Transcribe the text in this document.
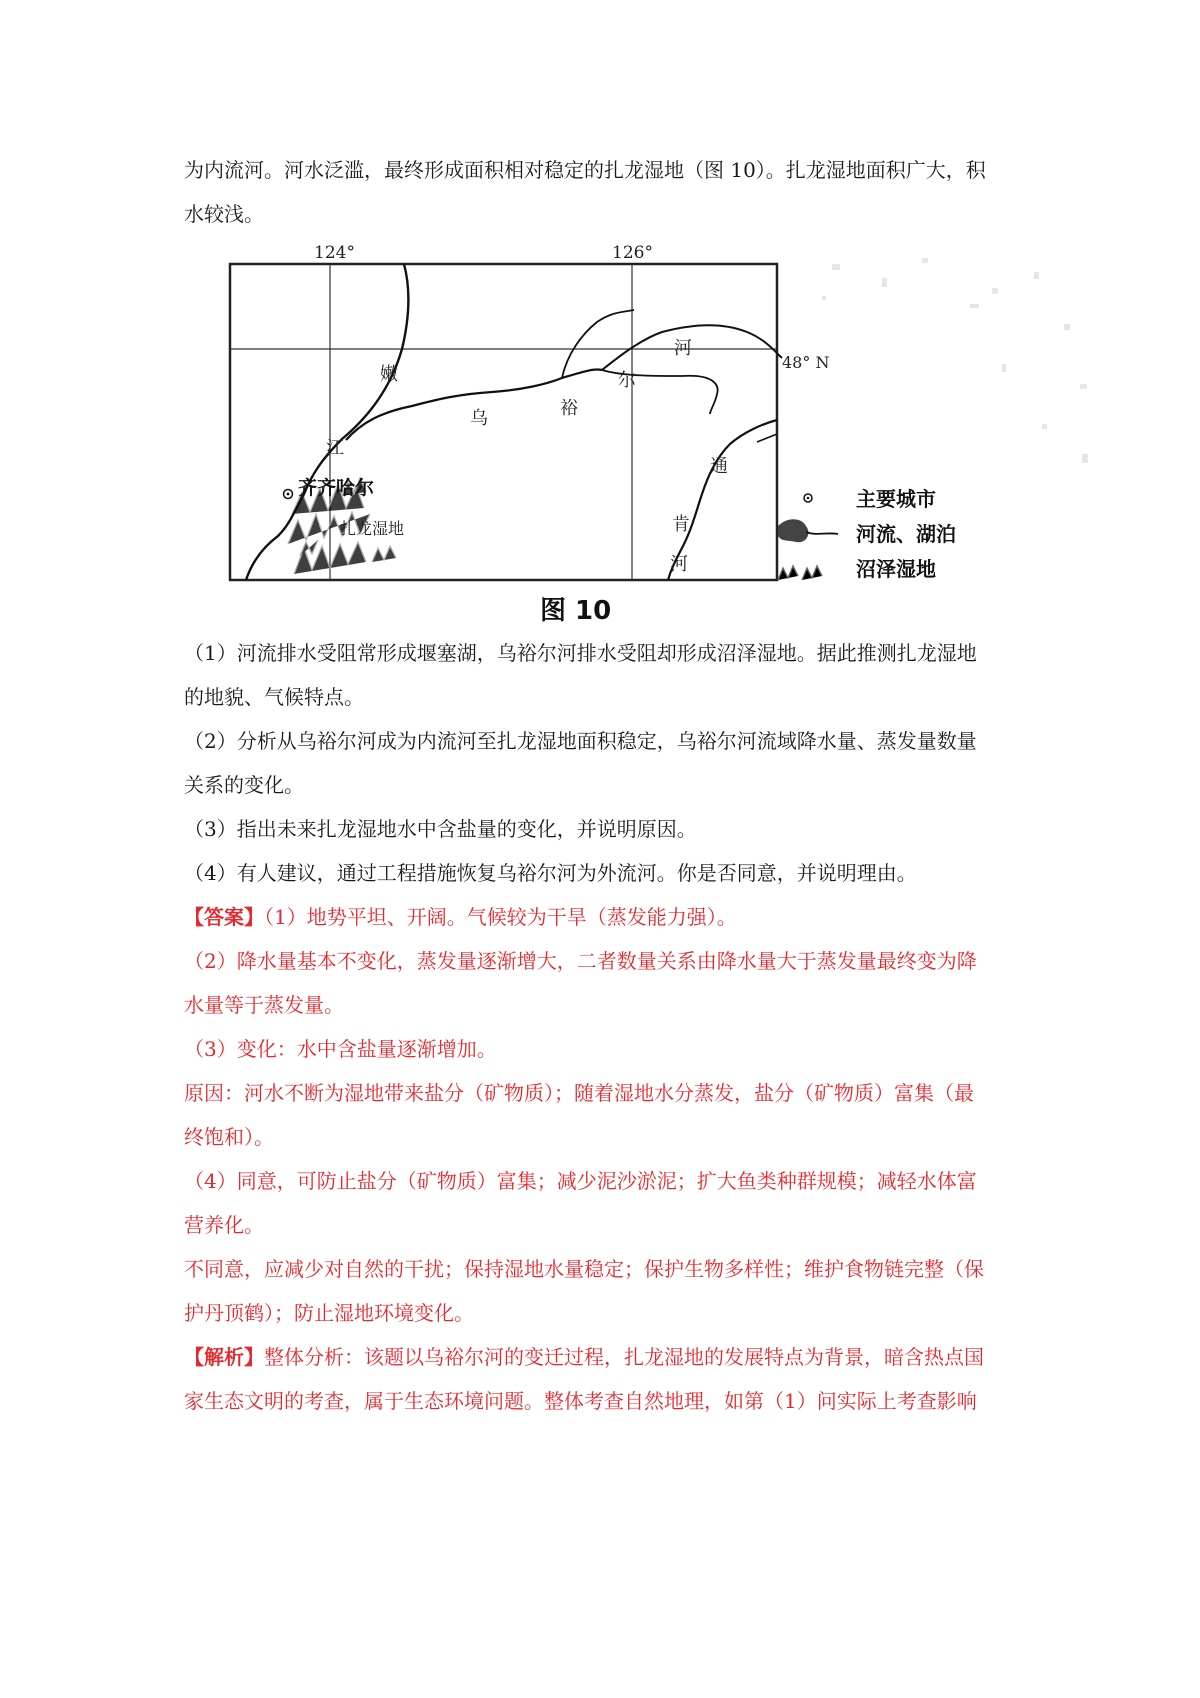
为内流河。河水泛滥，最终形成面积相对稳定的扎龙湿地（图 10）。扎龙湿地面积广大，积

水较浅。

124°	126°
48° N
嫩
江
乌	裕
尔
河
通
肯
河
齐齐哈尔
扎龙湿地
主要城市
河流、湖泊
沼泽湿地
图 10

（1）河流排水受阻常形成堰塞湖，乌裕尔河排水受阻却形成沼泽湿地。据此推测扎龙湿地

的地貌、气候特点。

（2）分析从乌裕尔河成为内流河至扎龙湿地面积稳定，乌裕尔河流域降水量、蒸发量数量

关系的变化。

（3）指出未来扎龙湿地水中含盐量的变化，并说明原因。

（4）有人建议，通过工程措施恢复乌裕尔河为外流河。你是否同意，并说明理由。

【答案】（1）地势平坦、开阔。气候较为干旱（蒸发能力强）。

（2）降水量基本不变化，蒸发量逐渐增大，二者数量关系由降水量大于蒸发量最终变为降

水量等于蒸发量。

（3）变化：水中含盐量逐渐增加。

原因：河水不断为湿地带来盐分（矿物质）；随着湿地水分蒸发，盐分（矿物质）富集（最

终饱和）。

（4）同意，可防止盐分（矿物质）富集；减少泥沙淤泥；扩大鱼类种群规模；减轻水体富

营养化。

不同意，应减少对自然的干扰；保持湿地水量稳定；保护生物多样性；维护食物链完整（保

护丹顶鹤）；防止湿地环境变化。

【解析】整体分析：该题以乌裕尔河的变迁过程，扎龙湿地的发展特点为背景，暗含热点国

家生态文明的考查，属于生态环境问题。整体考查自然地理，如第（1）问实际上考查影响
